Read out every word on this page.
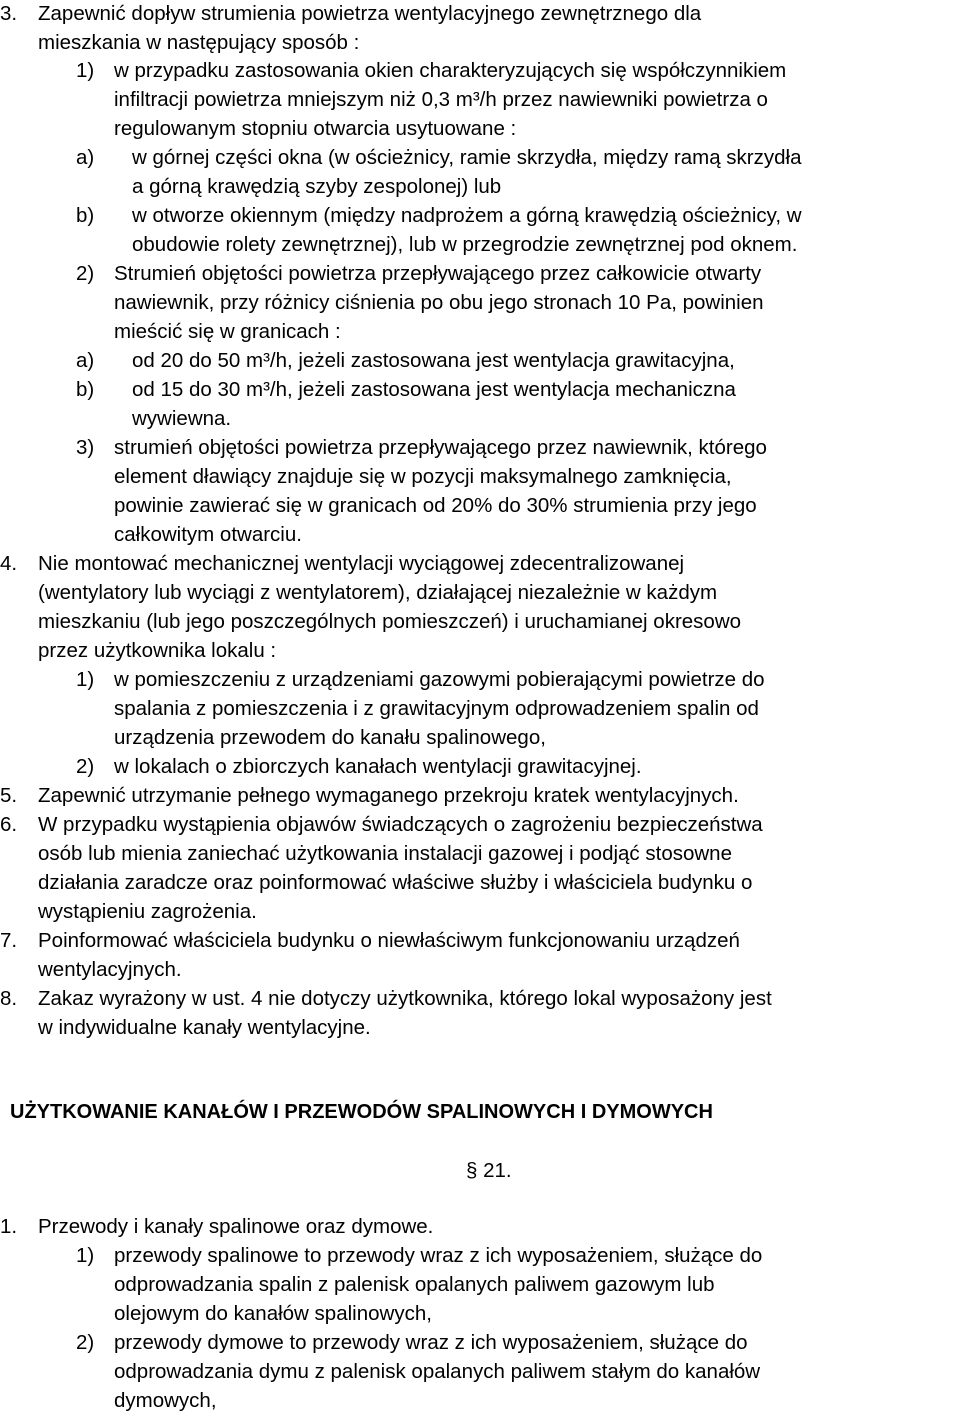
3. Zapewnić dopływ strumienia powietrza wentylacyjnego zewnętrznego dla
mieszkania w następujący sposób :
1) w przypadku zastosowania okien charakteryzujących się współczynnikiem
infiltracji powietrza mniejszym niż 0,3 m³/h przez nawiewniki powietrza o
regulowanym stopniu otwarcia usytuowane :
a) w górnej części okna (w ościeżnicy, ramie skrzydła, między ramą skrzydła
a górną krawędzią szyby zespolonej) lub
b) w otworze okiennym (między nadprożem a górną krawędzią ościeżnicy, w
obudowie rolety zewnętrznej), lub w przegrodzie zewnętrznej pod oknem.
2) Strumień objętości powietrza przepływającego przez całkowicie otwarty
nawiewnik, przy różnicy ciśnienia po obu jego stronach 10 Pa, powinien
mieścić się w granicach :
a) od 20 do 50 m³/h, jeżeli zastosowana jest wentylacja grawitacyjna,
b) od 15 do 30 m³/h, jeżeli zastosowana jest wentylacja mechaniczna
wywiewna.
3) strumień objętości powietrza przepływającego przez nawiewnik, którego
element dławiący znajduje się w pozycji maksymalnego zamknięcia,
powinie zawierać się w granicach od 20% do 30% strumienia przy jego
całkowitym otwarciu.
4. Nie montować mechanicznej wentylacji wyciągowej zdecentralizowanej
(wentylatory lub wyciągi z wentylatorem), działającej niezależnie w każdym
mieszkaniu (lub jego poszczególnych pomieszczeń) i uruchamianej okresowo
przez użytkownika lokalu :
1) w pomieszczeniu z urządzeniami gazowymi pobierającymi powietrze do
spalania z pomieszczenia i z grawitacyjnym odprowadzeniem spalin od
urządzenia przewodem do kanału spalinowego,
2) w lokalach o zbiorczych kanałach wentylacji grawitacyjnej.
5. Zapewnić utrzymanie pełnego wymaganego przekroju kratek wentylacyjnych.
6. W przypadku wystąpienia objawów świadczących o zagrożeniu bezpieczeństwa
osób lub mienia zaniechać użytkowania instalacji gazowej i podjąć stosowne
działania zaradcze oraz poinformować właściwe służby i właściciela budynku o
wystąpieniu zagrożenia.
7. Poinformować właściciela budynku o niewłaściwym funkcjonowaniu urządzeń
wentylacyjnych.
8. Zakaz wyrażony w ust. 4 nie dotyczy użytkownika, którego lokal wyposażony jest
w indywidualne kanały wentylacyjne.
UŻYTKOWANIE KANAŁÓW I PRZEWODÓW SPALINOWYCH I DYMOWYCH
§ 21.
1. Przewody i kanały spalinowe oraz dymowe.
1) przewody spalinowe to przewody wraz z ich wyposażeniem, służące do
odprowadzania spalin z palenisk opalanych paliwem gazowym lub
olejowym do kanałów spalinowych,
2) przewody dymowe to przewody wraz z ich wyposażeniem, służące do
odprowadzania dymu z palenisk opalanych paliwem stałym do kanałów
dymowych,
